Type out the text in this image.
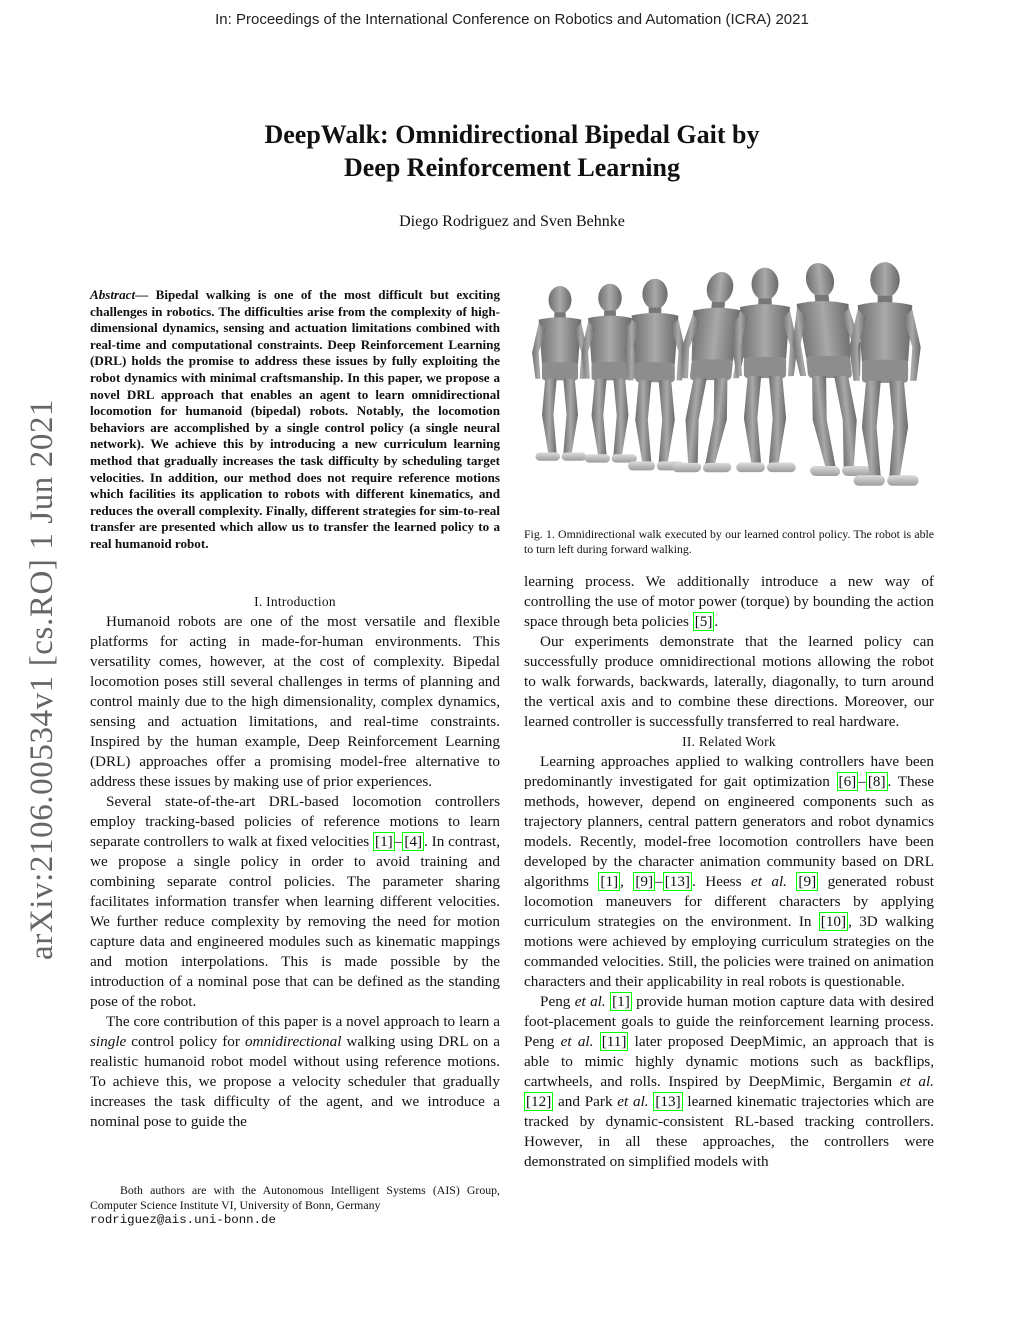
In: Proceedings of the International Conference on Robotics and Automation (ICRA) 2021
arXiv:2106.00534v1 [cs.RO] 1 Jun 2021
DeepWalk: Omnidirectional Bipedal Gait by
Deep Reinforcement Learning
Diego Rodriguez and Sven Behnke
Abstract— Bipedal walking is one of the most difficult but exciting challenges in robotics. The difficulties arise from the complexity of high-dimensional dynamics, sensing and actuation limitations combined with real-time and computational constraints. Deep Reinforcement Learning (DRL) holds the promise to address these issues by fully exploiting the robot dynamics with minimal craftsmanship. In this paper, we propose a novel DRL approach that enables an agent to learn omnidirectional locomotion for humanoid (bipedal) robots. Notably, the locomotion behaviors are accomplished by a single control policy (a single neural network). We achieve this by introducing a new curriculum learning method that gradually increases the task difficulty by scheduling target velocities. In addition, our method does not require reference motions which facilities its application to robots with different kinematics, and reduces the overall complexity. Finally, different strategies for sim-to-real transfer are presented which allow us to transfer the learned policy to a real humanoid robot.

I. Introduction

Humanoid robots are one of the most versatile and flexible platforms for acting in made-for-human environments. This versatility comes, however, at the cost of complexity. Bipedal locomotion poses still several challenges in terms of planning and control mainly due to the high dimensionality, complex dynamics, sensing and actuation limitations, and real-time constraints. Inspired by the human example, Deep Reinforcement Learning (DRL) approaches offer a promising model-free alternative to address these issues by making use of prior experiences.

Several state-of-the-art DRL-based locomotion controllers employ tracking-based policies of reference motions to learn separate controllers to walk at fixed velocities [1] – [4] . In contrast, we propose a single policy in order to avoid training and combining separate control policies. The parameter sharing facilitates information transfer when learning different velocities. We further reduce complexity by removing the need for motion capture data and engineered modules such as kinematic mappings and motion interpolations. This is made possible by the introduction of a nominal pose that can be defined as the standing pose of the robot.

The core contribution of this paper is a novel approach to learn a single control policy for omnidirectional walking using DRL on a realistic humanoid robot model without using reference motions. To achieve this, we propose a velocity scheduler that gradually increases the task difficulty of the agent, and we introduce a nominal pose to guide the

Both authors are with the Autonomous Intelligent Systems (AIS) Group, Computer Science Institute VI, University of Bonn, Germany
rodriguez@ais.uni-bonn.de
Fig. 1. Omnidirectional walk executed by our learned control policy. The robot is able to turn left during forward walking.

learning process. We additionally introduce a new way of controlling the use of motor power (torque) by bounding the action space through beta policies [5] .

Our experiments demonstrate that the learned policy can successfully produce omnidirectional motions allowing the robot to walk forwards, backwards, laterally, diagonally, to turn around the vertical axis and to combine these directions. Moreover, our learned controller is successfully transferred to real hardware.

II. Related Work

Learning approaches applied to walking controllers have been predominantly investigated for gait optimization [6] – [8] . These methods, however, depend on engineered components such as trajectory planners, central pattern generators and robot dynamics models. Recently, model-free locomotion controllers have been developed by the character animation community based on DRL algorithms [1] , [9] – [13] . Heess et al. [9] generated robust locomotion maneuvers for different characters by applying curriculum strategies on the environment. In [10] , 3D walking motions were achieved by employing curriculum strategies on the commanded velocities. Still, the policies were trained on animation characters and their applicability in real robots is questionable.

Peng et al. [1] provide human motion capture data with desired foot-placement goals to guide the reinforcement learning process. Peng et al. [11] later proposed DeepMimic, an approach that is able to mimic highly dynamic motions such as backflips, cartwheels, and rolls. Inspired by DeepMimic, Bergamin et al. [12] and Park et al. [13] learned kinematic trajectories which are tracked by dynamic-consistent RL-based tracking controllers. However, in all these approaches, the controllers were demonstrated on simplified models with
